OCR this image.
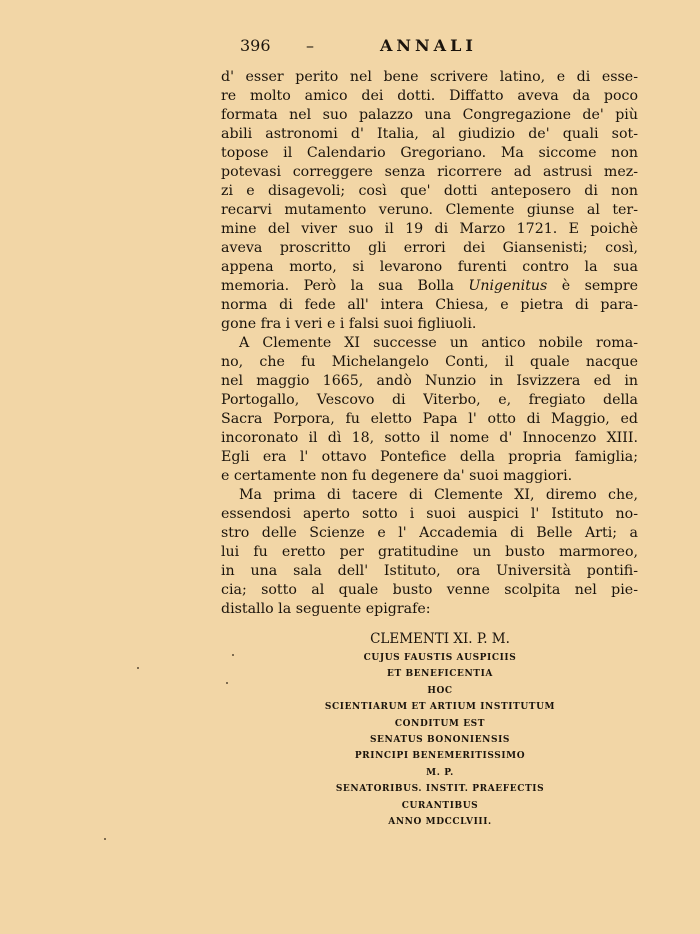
396 –	ANNALI
d' esser perito nel bene scrivere latino, e di esse-
re molto amico dei dotti. Diffatto aveva da poco
formata nel suo palazzo una Congregazione de' più
abili astronomi d' Italia, al giudizio de' quali sot-
topose il Calendario Gregoriano. Ma siccome non
potevasi correggere senza ricorrere ad astrusi mez-
zi e disagevoli; così que' dotti anteposero di non
recarvi mutamento veruno. Clemente giunse al ter-
mine del viver suo il 19 di Marzo 1721. E poichè
aveva proscritto gli errori dei Giansenisti; così,
appena morto, si levarono furenti contro la sua
memoria. Però la sua Bolla Unigenitus è sempre
norma di fede all' intera Chiesa, e pietra di para-
gone fra i veri e i falsi suoi figliuoli.
A Clemente XI successe un antico nobile roma-
no, che fu Michelangelo Conti, il quale nacque
nel maggio 1665, andò Nunzio in Isvizzera ed in
Portogallo, Vescovo di Viterbo, e, fregiato della
Sacra Porpora, fu eletto Papa l' otto di Maggio, ed
incoronato il dì 18, sotto il nome d' Innocenzo XIII.
Egli era l' ottavo Pontefice della propria famiglia;
e certamente non fu degenere da' suoi maggiori.
Ma prima di tacere di Clemente XI, diremo che,
essendosi aperto sotto i suoi auspici l' Istituto no-
stro delle Scienze e l' Accademia di Belle Arti; a
lui fu eretto per gratitudine un busto marmoreo,
in una sala dell' Istituto, ora Università pontifi-
cia; sotto al quale busto venne scolpita nel pie-
distallo la seguente epigrafe:
CLEMENTI XI. P. M.
CUJUS FAUSTIS AUSPICIIS
ET BENEFICENTIA
HOC
SCIENTIARUM ET ARTIUM INSTITUTUM
CONDITUM EST
SENATUS BONONIENSIS
PRINCIPI BENEMERITISSIMO
M. P.
SENATORIBUS. INSTIT. PRAEFECTIS
CURANTIBUS
ANNO MDCCLVIII.
